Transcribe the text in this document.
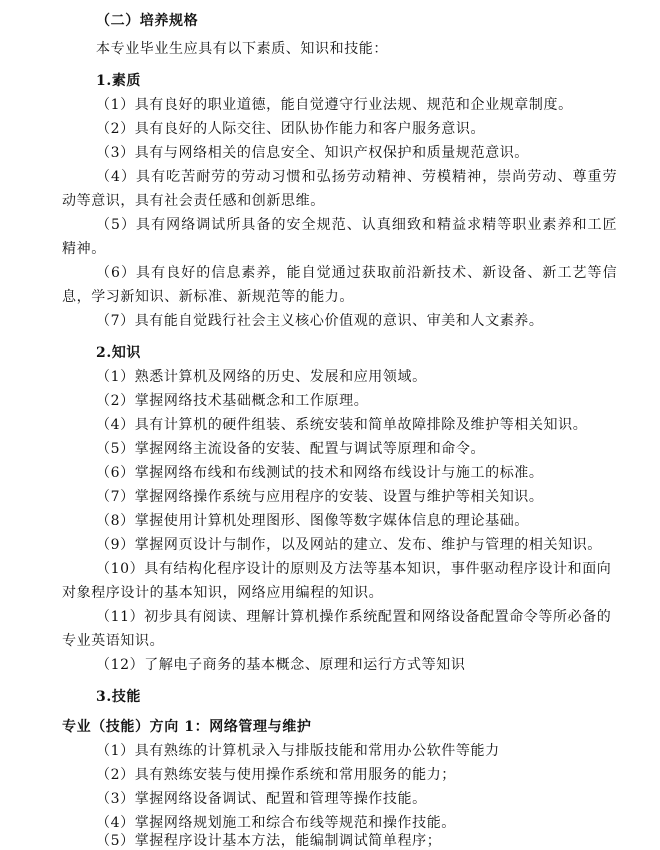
（二）培养规格
本专业毕业生应具有以下素质、知识和技能：
1.素质
（1）具有良好的职业道德，能自觉遵守行业法规、规范和企业规章制度。
（2）具有良好的人际交往、团队协作能力和客户服务意识。
（3）具有与网络相关的信息安全、知识产权保护和质量规范意识。
（4）具有吃苦耐劳的劳动习惯和弘扬劳动精神、劳模精神，崇尚劳动、尊重劳
动等意识，具有社会责任感和创新思维。
（5）具有网络调试所具备的安全规范、认真细致和精益求精等职业素养和工匠
精神。
（6）具有良好的信息素养，能自觉通过获取前沿新技术、新设备、新工艺等信
息，学习新知识、新标准、新规范等的能力。
（7）具有能自觉践行社会主义核心价值观的意识、审美和人文素养。
2.知识
（1）熟悉计算机及网络的历史、发展和应用领域。
（2）掌握网络技术基础概念和工作原理。
（4）具有计算机的硬件组装、系统安装和简单故障排除及维护等相关知识。
（5）掌握网络主流设备的安装、配置与调试等原理和命令。
（6）掌握网络布线和布线测试的技术和网络布线设计与施工的标准。
（7）掌握网络操作系统与应用程序的安装、设置与维护等相关知识。
（8）掌握使用计算机处理图形、图像等数字媒体信息的理论基础。
（9）掌握网页设计与制作，以及网站的建立、发布、维护与管理的相关知识。
（10）具有结构化程序设计的原则及方法等基本知识，事件驱动程序设计和面向
对象程序设计的基本知识，网络应用编程的知识。
（11）初步具有阅读、理解计算机操作系统配置和网络设备配置命令等所必备的
专业英语知识。
（12）了解电子商务的基本概念、原理和运行方式等知识
3.技能
专业（技能）方向 1：网络管理与维护
（1）具有熟练的计算机录入与排版技能和常用办公软件等能力
（2）具有熟练安装与使用操作系统和常用服务的能力；
（3）掌握网络设备调试、配置和管理等操作技能。
（4）掌握网络规划施工和综合布线等规范和操作技能。
（5）掌握程序设计基本方法，能编制调试简单程序；
